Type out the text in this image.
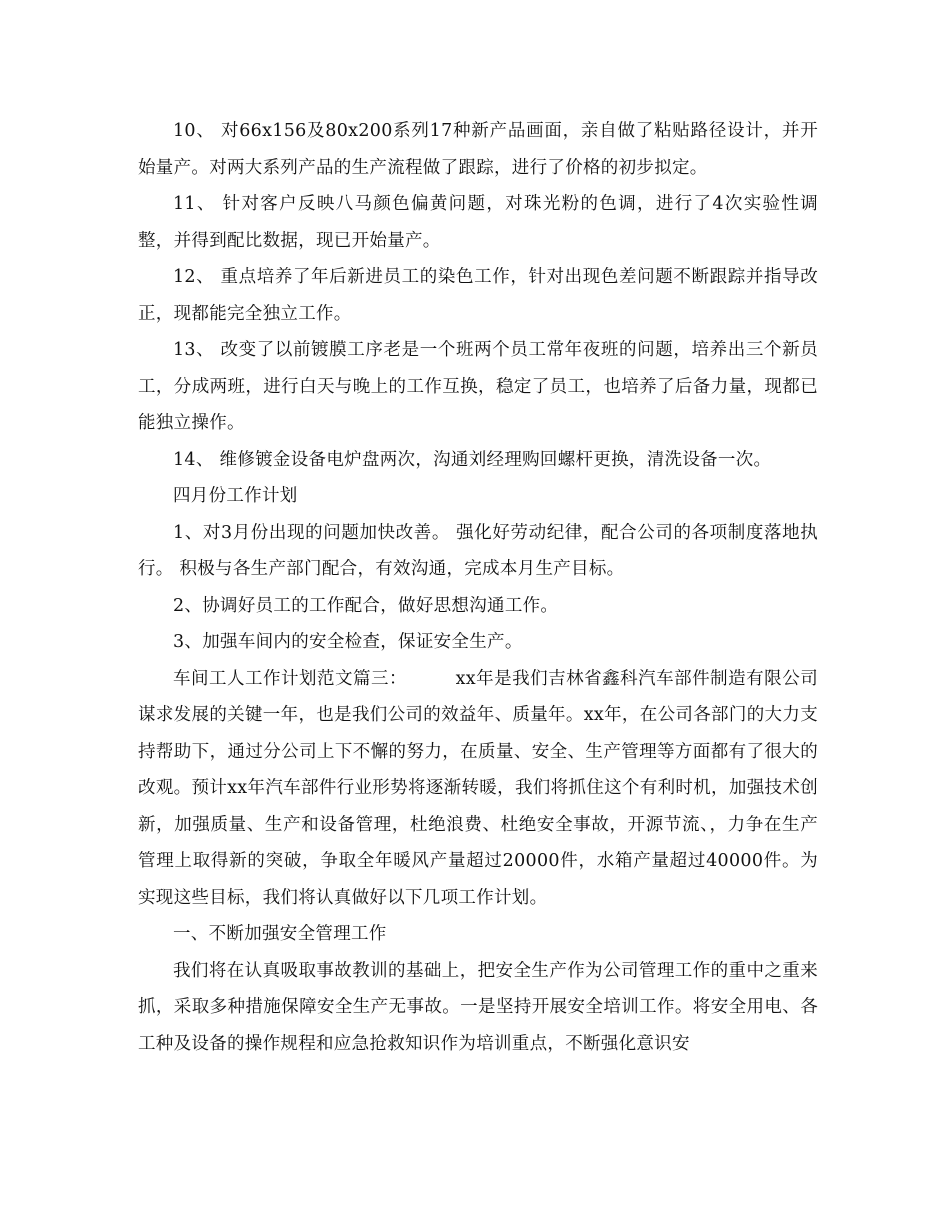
10、 对66x156及80x200系列17种新产品画面，亲自做了粘贴路径设计，并开始量产。对两大系列产品的生产流程做了跟踪，进行了价格的初步拟定。

11、 针对客户反映八马颜色偏黄问题，对珠光粉的色调，进行了4次实验性调整，并得到配比数据，现已开始量产。

12、 重点培养了年后新进员工的染色工作，针对出现色差问题不断跟踪并指导改正，现都能完全独立工作。

13、 改变了以前镀膜工序老是一个班两个员工常年夜班的问题，培养出三个新员工，分成两班，进行白天与晚上的工作互换，稳定了员工，也培养了后备力量，现都已能独立操作。

14、 维修镀金设备电炉盘两次，沟通刘经理购回螺杆更换，清洗设备一次。

四月份工作计划

1、对3月份出现的问题加快改善。 强化好劳动纪律，配合公司的各项制度落地执行。 积极与各生产部门配合，有效沟通，完成本月生产目标。

2、协调好员工的工作配合，做好思想沟通工作。

3、加强车间内的安全检查，保证安全生产。

车间工人工作计划范文篇三：        xx年是我们吉林省鑫科汽车部件制造有限公司谋求发展的关键一年，也是我们公司的效益年、质量年。xx年，在公司各部门的大力支持帮助下，通过分公司上下不懈的努力，在质量、安全、生产管理等方面都有了很大的改观。预计xx年汽车部件行业形势将逐渐转暖，我们将抓住这个有利时机，加强技术创新，加强质量、生产和设备管理，杜绝浪费、杜绝安全事故，开源节流、，力争在生产管理上取得新的突破，争取全年暖风产量超过20000件，水箱产量超过40000件。为实现这些目标，我们将认真做好以下几项工作计划。

一、不断加强安全管理工作

我们将在认真吸取事故教训的基础上，把安全生产作为公司管理工作的重中之重来抓，采取多种措施保障安全生产无事故。一是坚持开展安全培训工作。将安全用电、各工种及设备的操作规程和应急抢救知识作为培训重点，不断强化意识安
